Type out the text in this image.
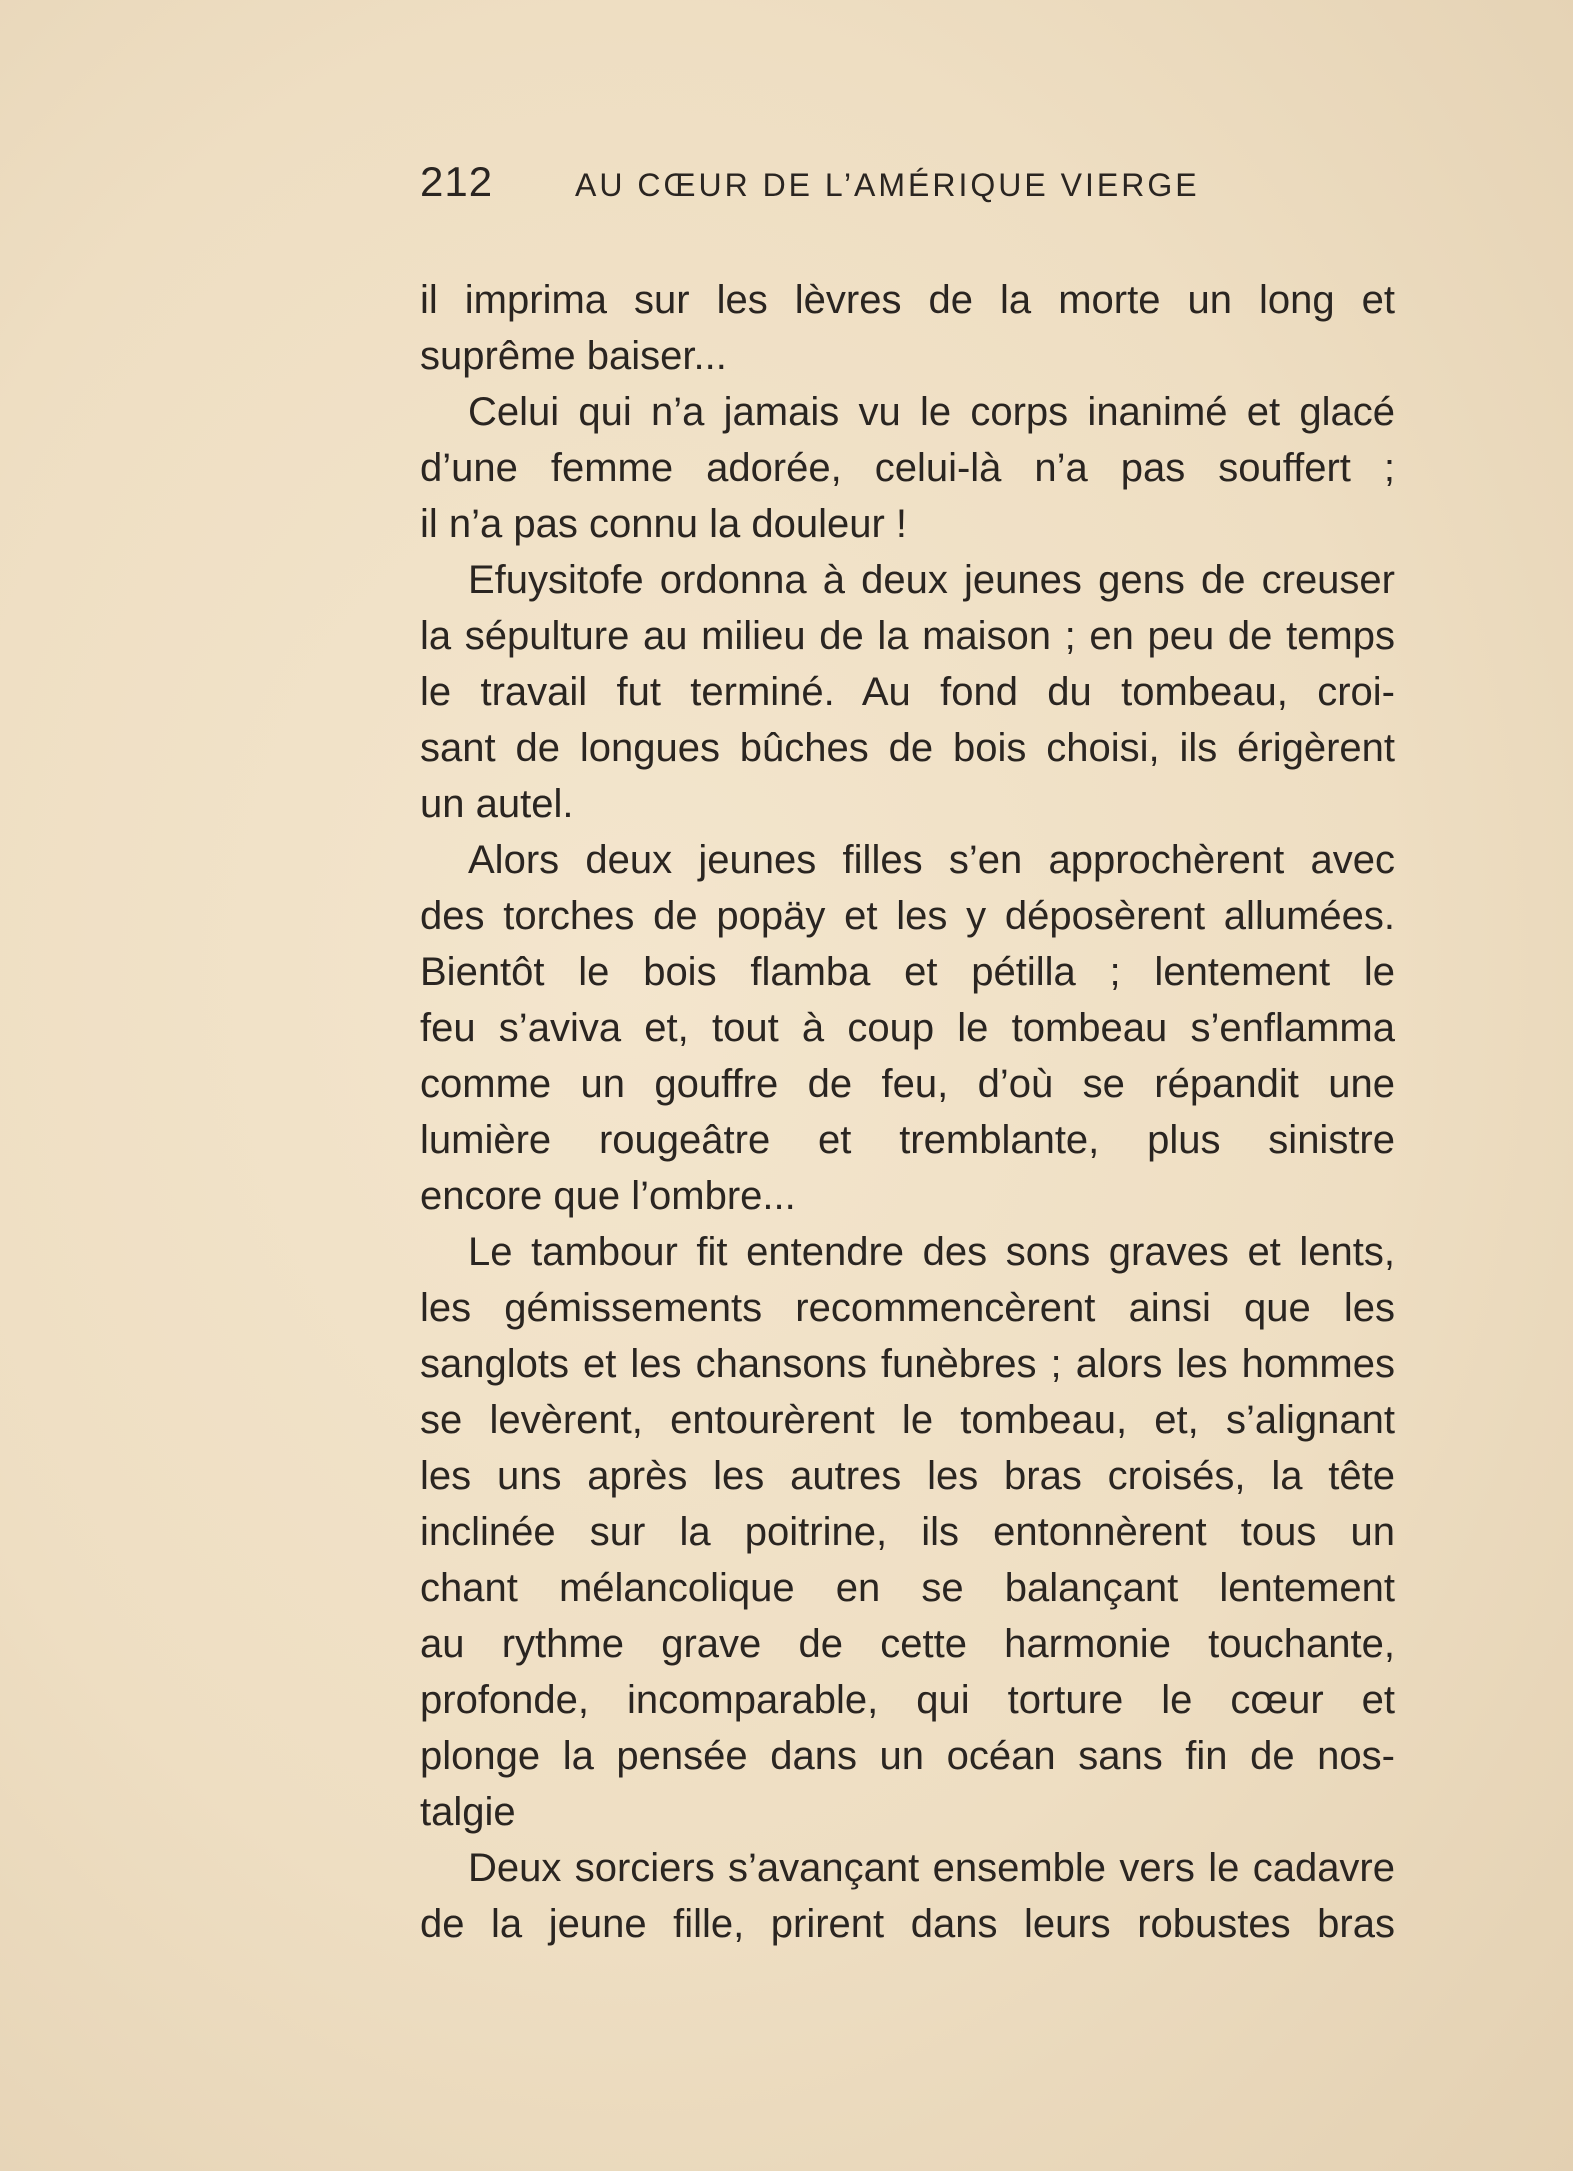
212	AU CŒUR DE L’AMÉRIQUE VIERGE
il imprima sur les lèvres de la morte un long et
suprême baiser...
Celui qui n’a jamais vu le corps inanimé et glacé
d’une femme adorée, celui-là n’a pas souffert ;
il n’a pas connu la douleur !
Efuysitofe ordonna à deux jeunes gens de creuser
la sépulture au milieu de la maison ; en peu de temps
le travail fut terminé. Au fond du tombeau, croi-
sant de longues bûches de bois choisi, ils érigèrent
un autel.
Alors deux jeunes filles s’en approchèrent avec
des torches de popäy et les y déposèrent allumées.
Bientôt le bois flamba et pétilla ; lentement le
feu s’aviva et, tout à coup le tombeau s’enflamma
comme un gouffre de feu, d’où se répandit une
lumière rougeâtre et tremblante, plus sinistre
encore que l’ombre...
Le tambour fit entendre des sons graves et lents,
les gémissements recommencèrent ainsi que les
sanglots et les chansons funèbres ; alors les hommes
se levèrent, entourèrent le tombeau, et, s’alignant
les uns après les autres les bras croisés, la tête
inclinée sur la poitrine, ils entonnèrent tous un
chant mélancolique en se balançant lentement
au rythme grave de cette harmonie touchante,
profonde, incomparable, qui torture le cœur et
plonge la pensée dans un océan sans fin de nos-
talgie
Deux sorciers s’avançant ensemble vers le cadavre
de la jeune fille, prirent dans leurs robustes bras
